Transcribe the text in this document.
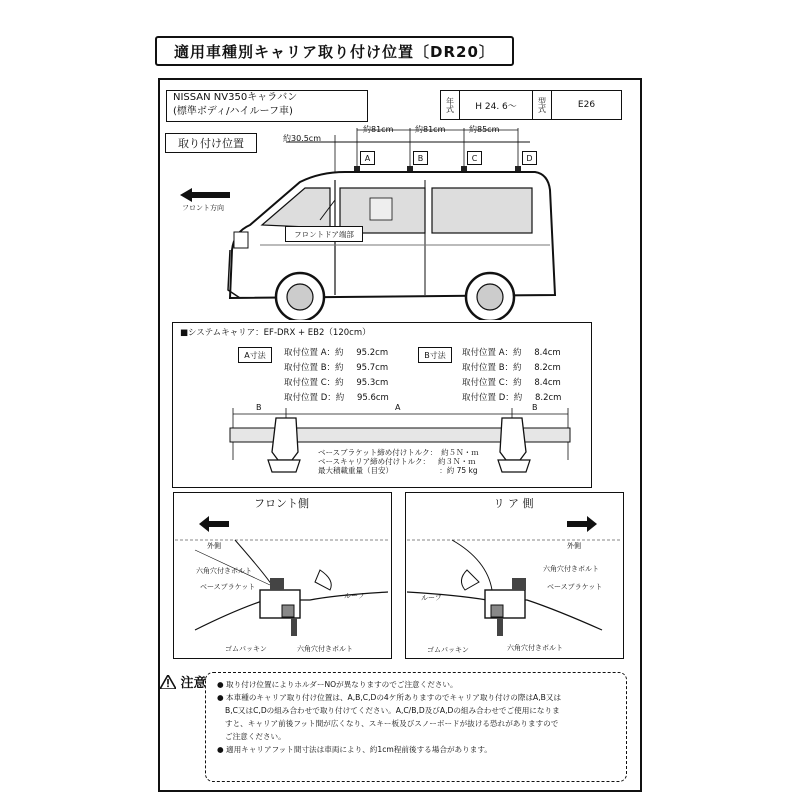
適用車種別キャリア取り付け位置〔DR20〕
NISSAN NV350キャラバン
(標準ボディ/ハイルーフ車)	年式	H 24. 6〜	型式	E26
取り付け位置	約30.5cm
約81cm	約81cm	約85cm
A	B	C	D
フロント方向
フロントドア端部
■システムキャリア：EF-DRX + EB2（120cm）
A寸法	B寸法
取付位置 A：約 95.2cm
取付位置 B：約 95.7cm
取付位置 C：約 95.3cm
取付位置 D：約 95.6cm
取付位置 A：約 8.4cm
取付位置 B：約 8.2cm
取付位置 C：約 8.4cm
取付位置 D：約 8.2cm
B	A	B
ベースブラケット締め付けトルク： 約５Ｎ・ｍ
ベースキャリア締め付けトルク： 約３Ｎ・ｍ
最大積載重量（目安）	：約 75 kg
フロント側
外側
六角穴付きボルト
ベースブラケット
ルーフ
ゴムパッキン	六角穴付きボルト
リ ア 側
外側
六角穴付きボルト
ベースブラケット
ルーフ
ゴムパッキン	六角穴付きボルト
注意 ● 取り付け位置によりホルダーNOが異なりますのでご注意ください。
● 本車種のキャリア取り付け位置は、A,B,C,Dの4ケ所ありますのでキャリア取り付けの際はA,B又は
B,C又はC,Dの組み合わせで取り付けてください。A,C/B,D及びA,Dの組み合わせでご使用になりま
すと、キャリア前後フット間が広くなり、スキー板及びスノーボードが抜ける恐れがありますので
ご注意ください。
● 適用キャリアフット間寸法は車両により、約1cm程前後する場合があります。
